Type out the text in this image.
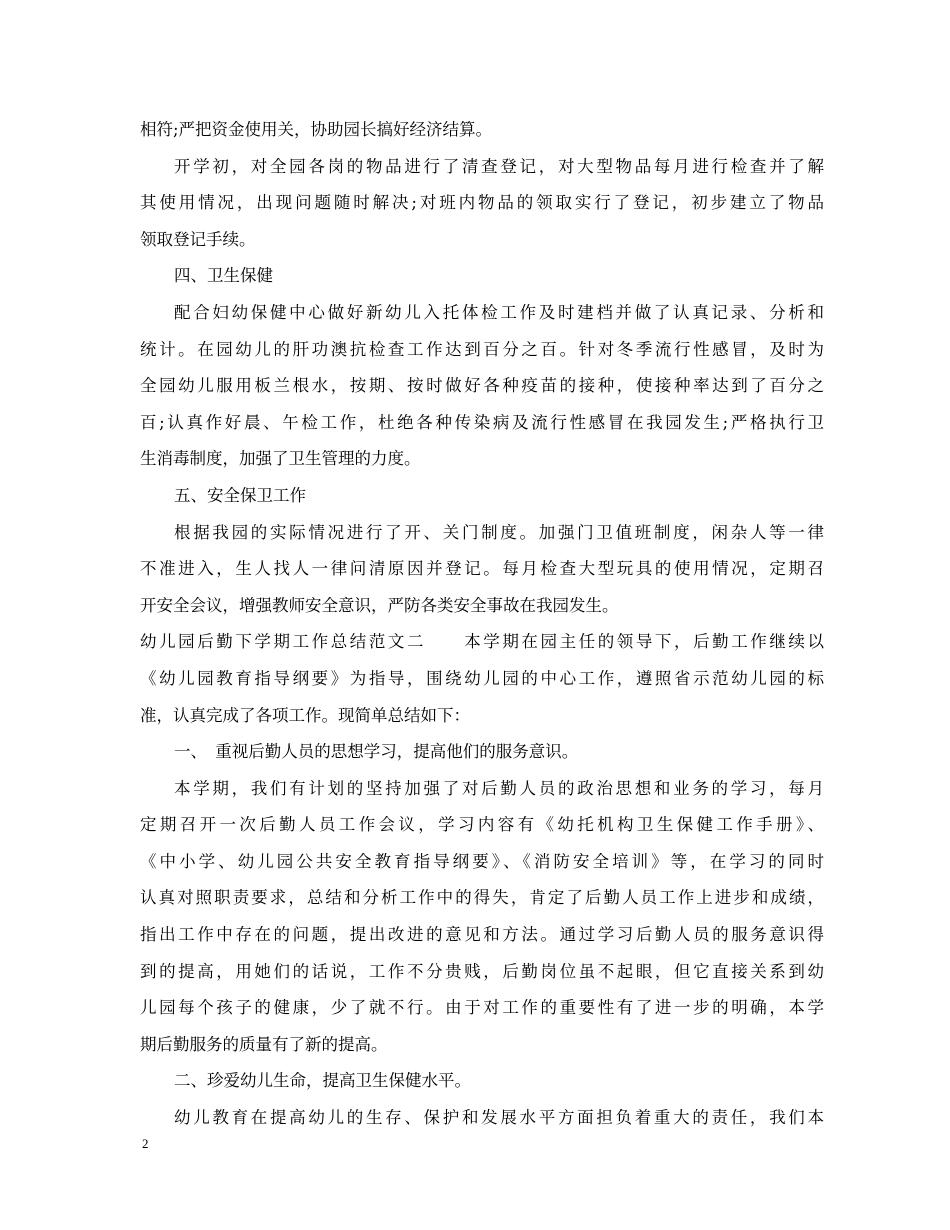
相符;严把资金使用关，协助园长搞好经济结算。
开学初，对全园各岗的物品进行了清查登记，对大型物品每月进行检查并了解
其使用情况，出现问题随时解决;对班内物品的领取实行了登记，初步建立了物品
领取登记手续。
四、卫生保健
配合妇幼保健中心做好新幼儿入托体检工作及时建档并做了认真记录、分析和
统计。在园幼儿的肝功澳抗检查工作达到百分之百。针对冬季流行性感冒，及时为
全园幼儿服用板兰根水，按期、按时做好各种疫苗的接种，使接种率达到了百分之
百;认真作好晨、午检工作，杜绝各种传染病及流行性感冒在我园发生;严格执行卫
生消毒制度，加强了卫生管理的力度。
五、安全保卫工作
根据我园的实际情况进行了开、关门制度。加强门卫值班制度，闲杂人等一律
不准进入，生人找人一律问清原因并登记。每月检查大型玩具的使用情况，定期召
开安全会议，增强教师安全意识，严防各类安全事故在我园发生。
幼儿园后勤下学期工作总结范文二　　本学期在园主任的领导下，后勤工作继续以
《幼儿园教育指导纲要》为指导，围绕幼儿园的中心工作，遵照省示范幼儿园的标
准，认真完成了各项工作。现简单总结如下：
一、　重视后勤人员的思想学习，提高他们的服务意识。
本学期，我们有计划的坚持加强了对后勤人员的政治思想和业务的学习，每月
定期召开一次后勤人员工作会议，学习内容有《幼托机构卫生保健工作手册》、
《中小学、幼儿园公共安全教育指导纲要》、《消防安全培训》等，在学习的同时
认真对照职责要求，总结和分析工作中的得失，肯定了后勤人员工作上进步和成绩，
指出工作中存在的问题，提出改进的意见和方法。通过学习后勤人员的服务意识得
到的提高，用她们的话说，工作不分贵贱，后勤岗位虽不起眼，但它直接关系到幼
儿园每个孩子的健康，少了就不行。由于对工作的重要性有了进一步的明确，本学
期后勤服务的质量有了新的提高。
二、珍爱幼儿生命，提高卫生保健水平。
幼儿教育在提高幼儿的生存、保护和发展水平方面担负着重大的责任，我们本
2
